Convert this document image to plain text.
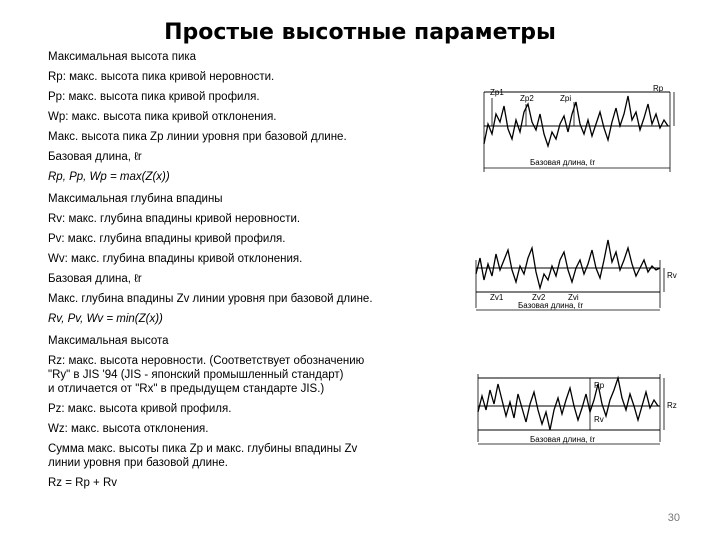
Простые высотные параметры
Максимальная высота пика
Rp: макс. высота пика кривой неровности.
Pp: макс. высота пика кривой профиля.
Wp: макс. высота пика кривой отклонения.
Макс. высота пика Zp линии уровня при базовой длине.
Базовая длина, ℓr
Rp, Pp, Wp = max(Z(x))
Максимальная глубина впадины
Rv: макс. глубина впадины кривой неровности.
Pv: макс. глубина впадины кривой профиля.
Wv: макс. глубина впадины кривой отклонения.
Базовая длина, ℓr
Макс. глубина впадины Zv линии уровня при базовой длине.
Rv, Pv, Wv = min(Z(x))
Максимальная высота
Rz: макс. высота неровности. (Соответствует обозначению
"Ry" в JIS '94 (JIS - японский промышленный стандарт)
и отличается от "Rx" в предыдущем стандарте JIS.)
Pz: макс. высота кривой профиля.
Wz: макс. высота отклонения.
Сумма макс. высоты пика Zp и макс. глубины впадины Zv
линии уровня при базовой длине.
Rz = Rp + Rv
Zp1
Zp2	Zpi
Rp
Базовая длина, ℓr
Rv
Zv1	Zv2	Zvi
Базовая длина, ℓr
Rp
Rv
Rz
Базовая длина, ℓr
30
